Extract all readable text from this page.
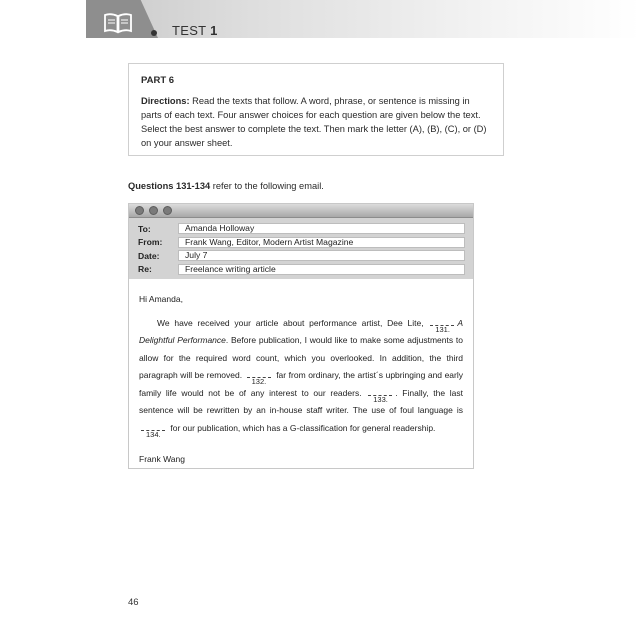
TEST 1
PART 6
Directions: Read the texts that follow. A word, phrase, or sentence is missing in parts of each text. Four answer choices for each question are given below the text. Select the best answer to complete the text. Then mark the letter (A), (B), (C), or (D) on your answer sheet.
Questions 131-134 refer to the following email.
To:	Amanda Holloway
From:	Frank Wang, Editor, Modern Artist Magazine
Date:	July 7
Re:	Freelance writing article

Hi Amanda,

We have received your article about performance artist, Dee Lite,
131.
A Delightful Performance. Before publication, I would like to make some adjustments to allow for the required word count, which you overlooked. In addition, the third paragraph will be removed.
132.
far from ordinary, the artist´s upbringing and early family life would not be of any interest to our readers.
133.
. Finally, the last sentence will be rewritten by an in-house staff writer. The use of foul language is
134.
for our publication, which has a G-classification for general readership.

Frank Wang

46
